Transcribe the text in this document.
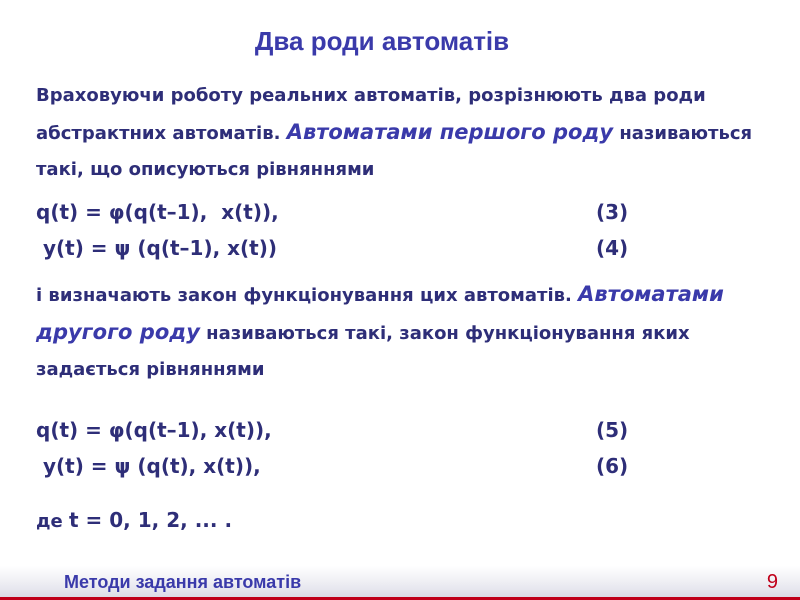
Два роди автоматів
Враховуючи роботу реальних автоматів, розрізнюють два роди абстрактних автоматів. Автоматами першого роду називаються такі, що описуються рівняннями
q(t) = φ(q(t–1),  x(t)),	(3)
y(t) = ψ (q(t–1), x(t))	(4)
і визначають закон функціонування цих автоматів. Автоматами другого роду називаються такі, закон функціонування яких задається рівняннями
q(t) = φ(q(t–1), x(t)),	(5)
y(t) = ψ (q(t), x(t)),	(6)
де t = 0, 1, 2, ... .
Методи задання автоматів	9
